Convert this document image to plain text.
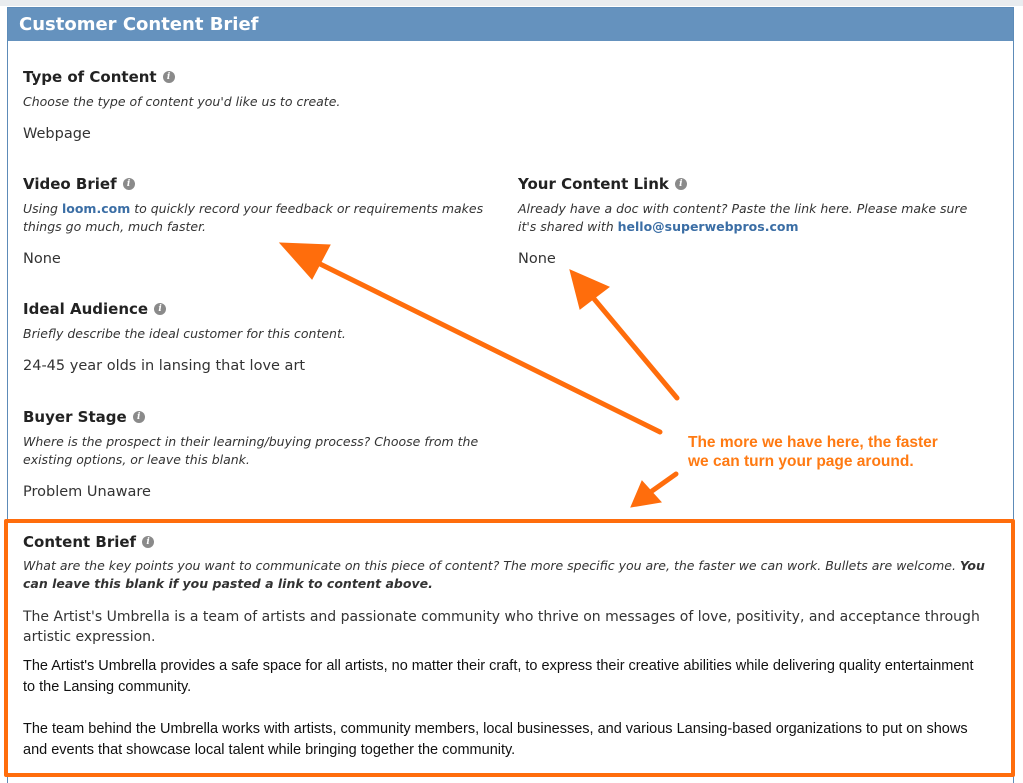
Customer Content Brief
Type of Content	i
Choose the type of content you'd like us to create.
Webpage
Video Brief	i
Using loom.com to quickly record your feedback or requirements makes things go much, much faster.
None
Your Content Link	i
Already have a doc with content? Paste the link here. Please make sure it's shared with hello@superwebpros.com
None
Ideal Audience	i
Briefly describe the ideal customer for this content.
24-45 year olds in lansing that love art
Buyer Stage	i
Where is the prospect in their learning/buying process? Choose from the existing options, or leave this blank.
Problem Unaware
Content Brief	i
What are the key points you want to communicate on this piece of content? The more specific you are, the faster we can work. Bullets are welcome. You can leave this blank if you pasted a link to content above.
The Artist's Umbrella is a team of artists and passionate community who thrive on messages of love, positivity, and acceptance through artistic expression.
The Artist's Umbrella provides a safe space for all artists, no matter their craft, to express their creative abilities while delivering quality entertainment to the Lansing community.
The team behind the Umbrella works with artists, community members, local businesses, and various Lansing-based organizations to put on shows and events that showcase local talent while bringing together the community.
The more we have here, the faster
we can turn your page around.
